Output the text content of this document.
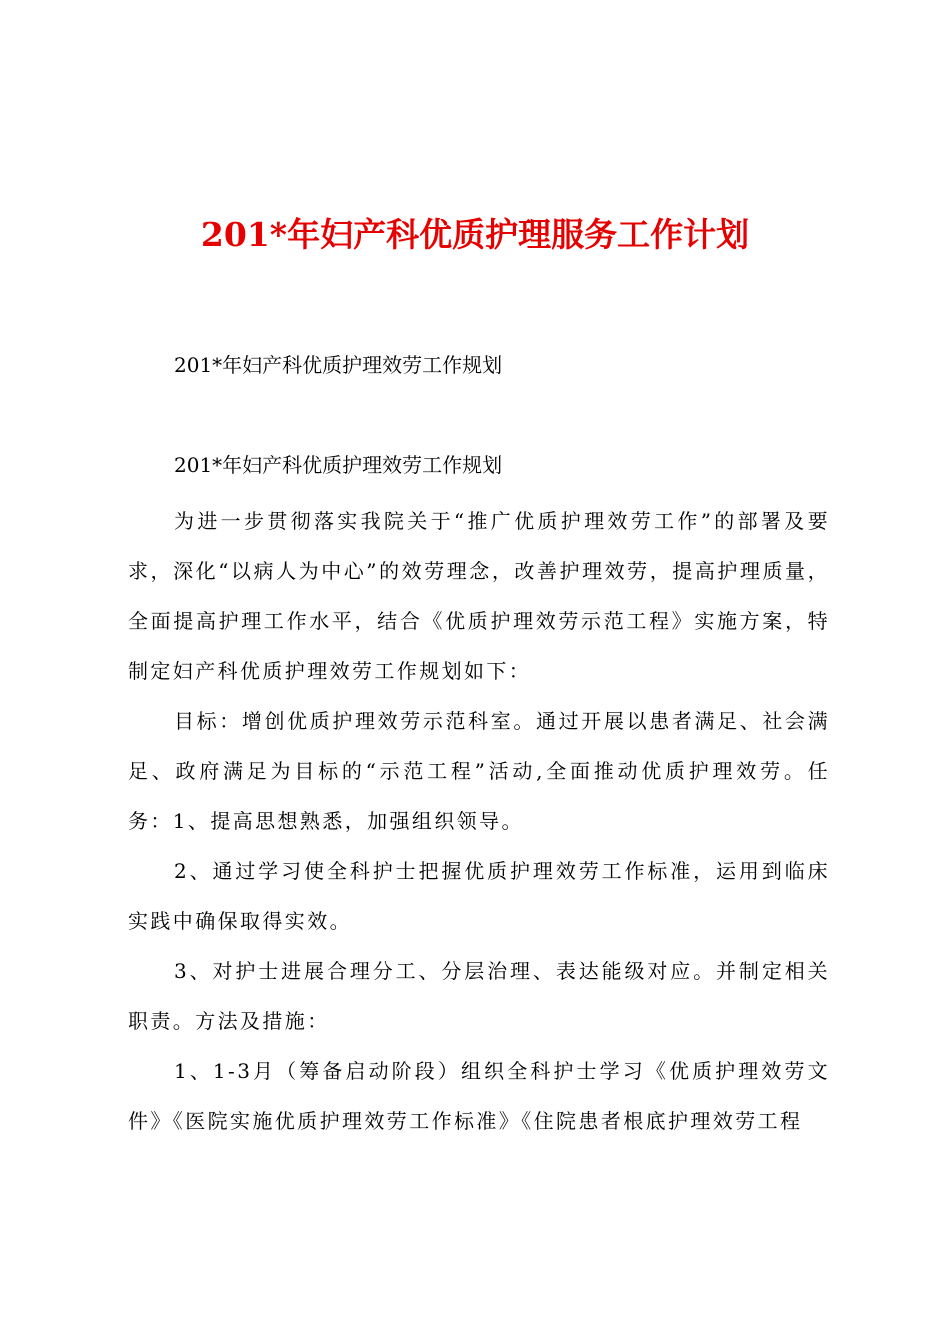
201*年妇产科优质护理服务工作计划

201*年妇产科优质护理效劳工作规划

201*年妇产科优质护理效劳工作规划

为进一步贯彻落实我院关于“推广优质护理效劳工作”的部署及要求，深化“以病人为中心”的效劳理念，改善护理效劳，提高护理质量，全面提高护理工作水平，结合《优质护理效劳示范工程》实施方案，特制定妇产科优质护理效劳工作规划如下：

目标：增创优质护理效劳示范科室。通过开展以患者满足、社会满足、政府满足为目标的“示范工程”活动,全面推动优质护理效劳。任务：1、提高思想熟悉，加强组织领导。

2、通过学习使全科护士把握优质护理效劳工作标准，运用到临床实践中确保取得实效。

3、对护士进展合理分工、分层治理、表达能级对应。并制定相关职责。方法及措施：

1、1-3月（筹备启动阶段）组织全科护士学习《优质护理效劳文件》《医院实施优质护理效劳工作标准》《住院患者根底护理效劳工程
